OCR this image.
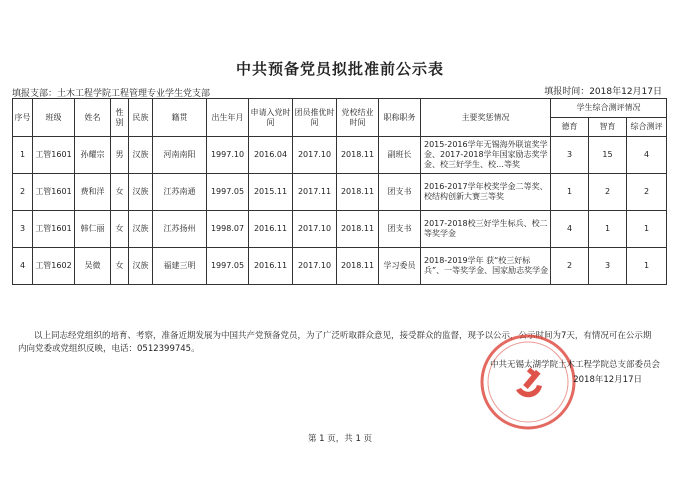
中共预备党员拟批准前公示表
填报支部：土木工程学院工程管理专业学生党支部	填报时间：2018年12月17日
序号	班级	姓名	性别	民族	籍贯	出生年月	申请入党时间	团员推优时间	党校结业时间	职称职务	主要奖惩情况	学生综合测评情况		
												德育	智育	综合测评
1	工管1601	孙耀宗	男	汉族	河南南阳	1997.10	2016.04	2017.10	2018.11	副班长	2015-2016学年无锡海外联谊奖学金、2017-2018学年国家励志奖学金、校三好学生、校…等奖	3	15	4
2	工管1601	费和洋	女	汉族	江苏南通	1997.05	2015.11	2017.11	2018.11	团支书	2016-2017学年校奖学金二等奖、校结构创新大赛三等奖	1	2	2
3	工管1601	韩仁丽	女	汉族	江苏扬州	1998.07	2016.11	2017.10	2018.11	团支书	2017-2018校三好学生标兵、校二等奖学金	4	1	1
4	工管1602	吴微	女	汉族	福建三明	1997.05	2016.11	2017.10	2018.11	学习委员	2018-2019学年 获“校三好标兵”、一等奖学金、国家励志奖学金	2	3	1
以上同志经党组织的培育、考察，准备近期发展为中国共产党预备党员，为了广泛听取群众意见，接受群众的监督，现予以公示，公示时间为7天，有情况可在公示期内向党委或党组织反映，电话：0512399745。
中共无锡太湖学院土木工程学院总支部委员会
2018年12月17日
第 1 页，共 1 页
